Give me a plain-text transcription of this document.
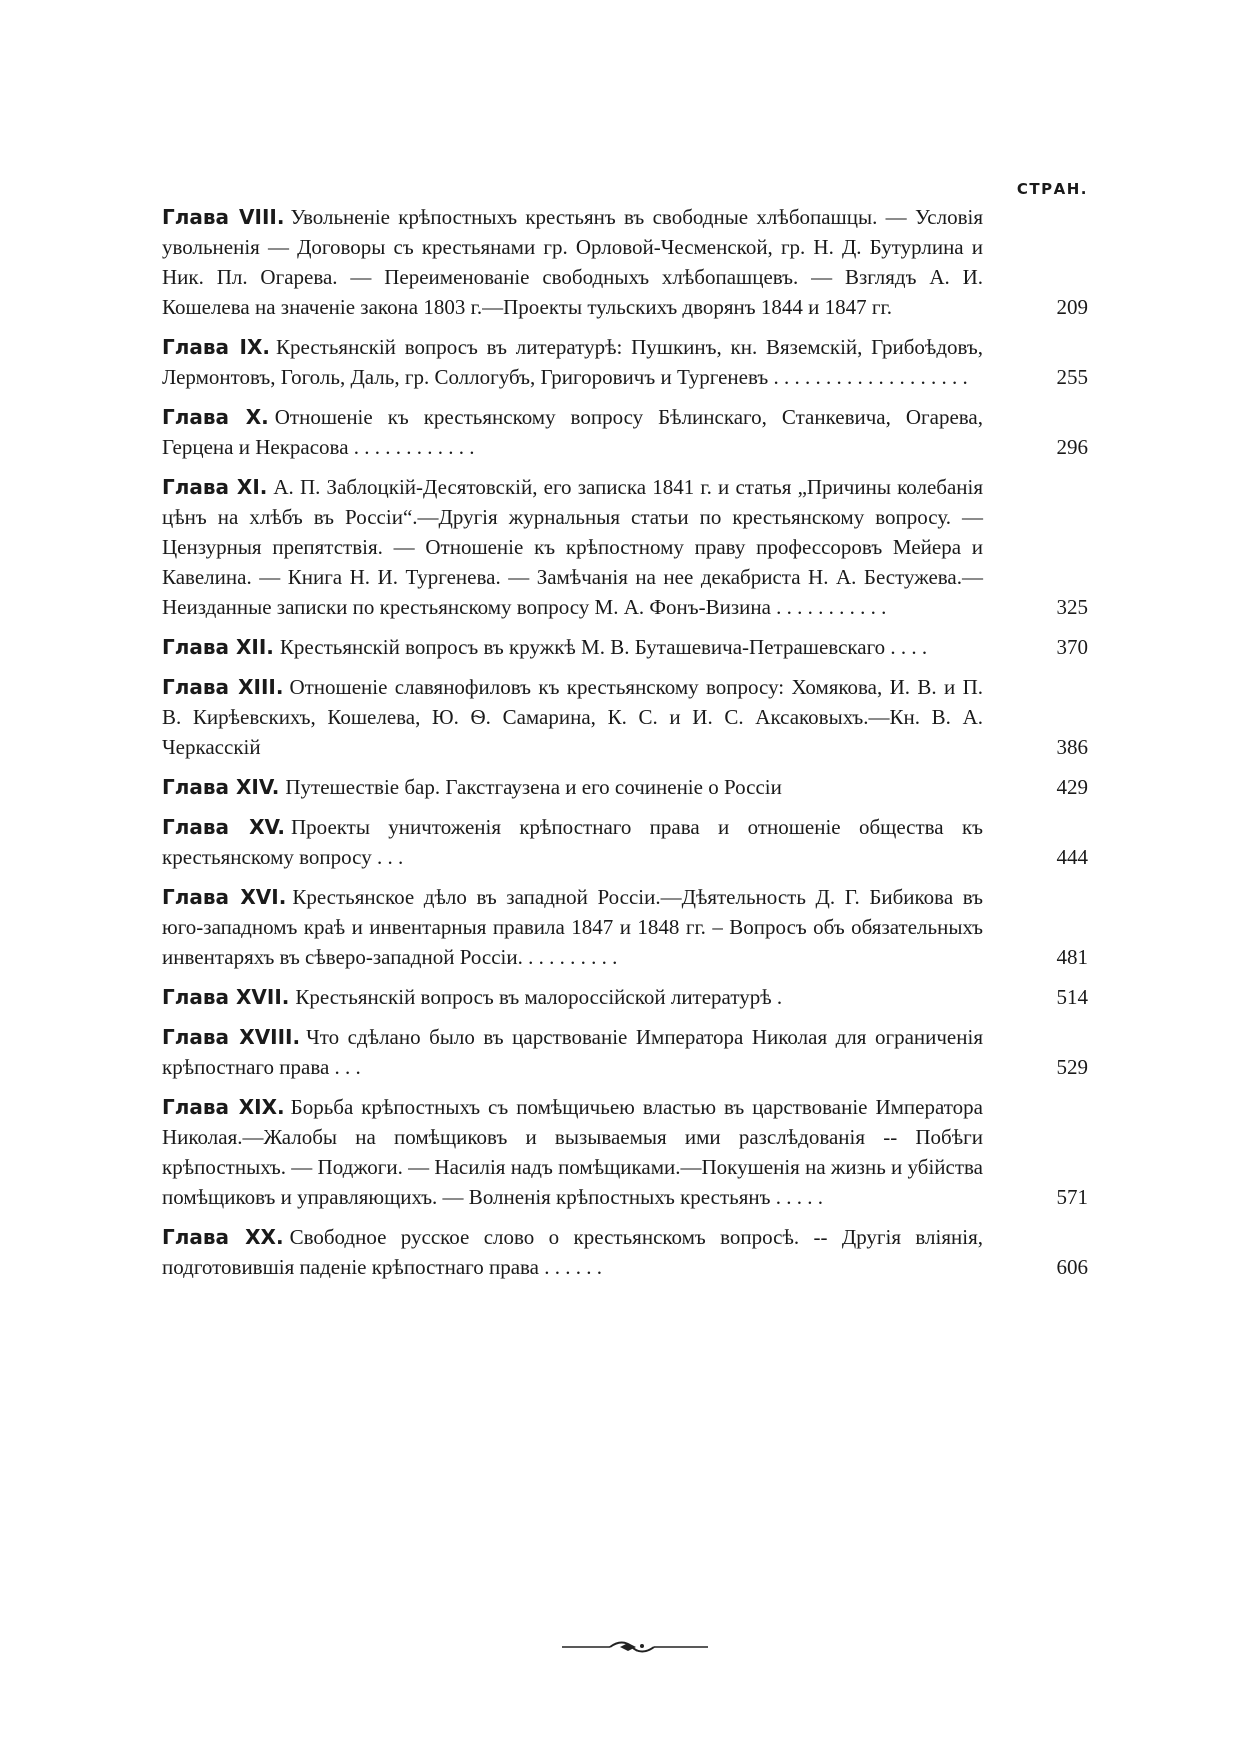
СТРАН.
Глава VIII. Увольненіе крѣпостныхъ крестьянъ въ свободные хлѣбопашцы. — Условія увольненія — Договоры съ крестьянами гр. Орловой-Чесменской, гр. Н. Д. Бутурлина и Ник. Пл. Огарева. — Переименованіе свободныхъ хлѣбопашцевъ. — Взглядъ А. И. Кошелева на значеніе закона 1803 г.—Проекты тульскихъ дворянъ 1844 и 1847 гг.	209
Глава IX. Крестьянскій вопросъ въ литературѣ: Пушкинъ, кн. Вяземскій, Грибоѣдовъ, Лермонтовъ, Гоголь, Даль, гр. Соллогубъ, Григоровичъ и Тургеневъ . . . . . . . . . . . . . . . . . . .	255
Глава X. Отношеніе къ крестьянскому вопросу Бѣлинскаго, Станкевича, Огарева, Герцена и Некрасова . . . . . . . . . . . .	296
Глава XI. А. П. Заблоцкій-Десятовскій, его записка 1841 г. и статья „Причины колебанія цѣнъ на хлѣбъ въ Россіи“.—Другія журнальныя статьи по крестьянскому вопросу. — Цензурныя препятствія. — Отношеніе къ крѣпостному праву профессоровъ Мейера и Кавелина. — Книга Н. И. Тургенева. — Замѣчанія на нее декабриста Н. А. Бестужева.—Неизданные записки по крестьянскому вопросу М. А. Фонъ-Визина . . . . . . . . . . .	325
Глава XII. Крестьянскій вопросъ въ кружкѣ М. В. Буташевича-Петрашевскаго . . . .	370
Глава XIII. Отношеніе славянофиловъ къ крестьянскому вопросу: Хомякова, И. В. и П. В. Кирѣевскихъ, Кошелева, Ю. Ѳ. Самарина, К. С. и И. С. Аксаковыхъ.—Кн. В. А. Черкасскій	386
Глава XIV. Путешествіе бар. Гакстгаузена и его сочиненіе о Россіи	429
Глава XV. Проекты уничтоженія крѣпостнаго права и отношеніе общества къ крестьянскому вопросу . . .	444
Глава XVI. Крестьянское дѣло въ западной Россіи.—Дѣятельность Д. Г. Бибикова въ юго-западномъ краѣ и инвентарныя правила 1847 и 1848 гг. – Вопросъ объ обязательныхъ инвентаряхъ въ сѣверо-западной Россіи. . . . . . . . . .	481
Глава XVII. Крестьянскій вопросъ въ малороссійской литературѣ .	514
Глава XVIII. Что сдѣлано было въ царствованіе Императора Николая для ограниченія крѣпостнаго права . . .	529
Глава XIX. Борьба крѣпостныхъ съ помѣщичьею властью въ царствованіе Императора Николая.—Жалобы на помѣщиковъ и вызываемыя ими разслѣдованія -- Побѣги крѣпостныхъ. — Поджоги. — Насилія надъ помѣщиками.—Покушенія на жизнь и убійства помѣщиковъ и управляющихъ. — Волненія крѣпостныхъ крестьянъ . . . . .	571
Глава XX. Свободное русское слово о крестьянскомъ вопросѣ. -- Другія вліянія, подготовившія паденіе крѣпостнаго права . . . . . .	606
